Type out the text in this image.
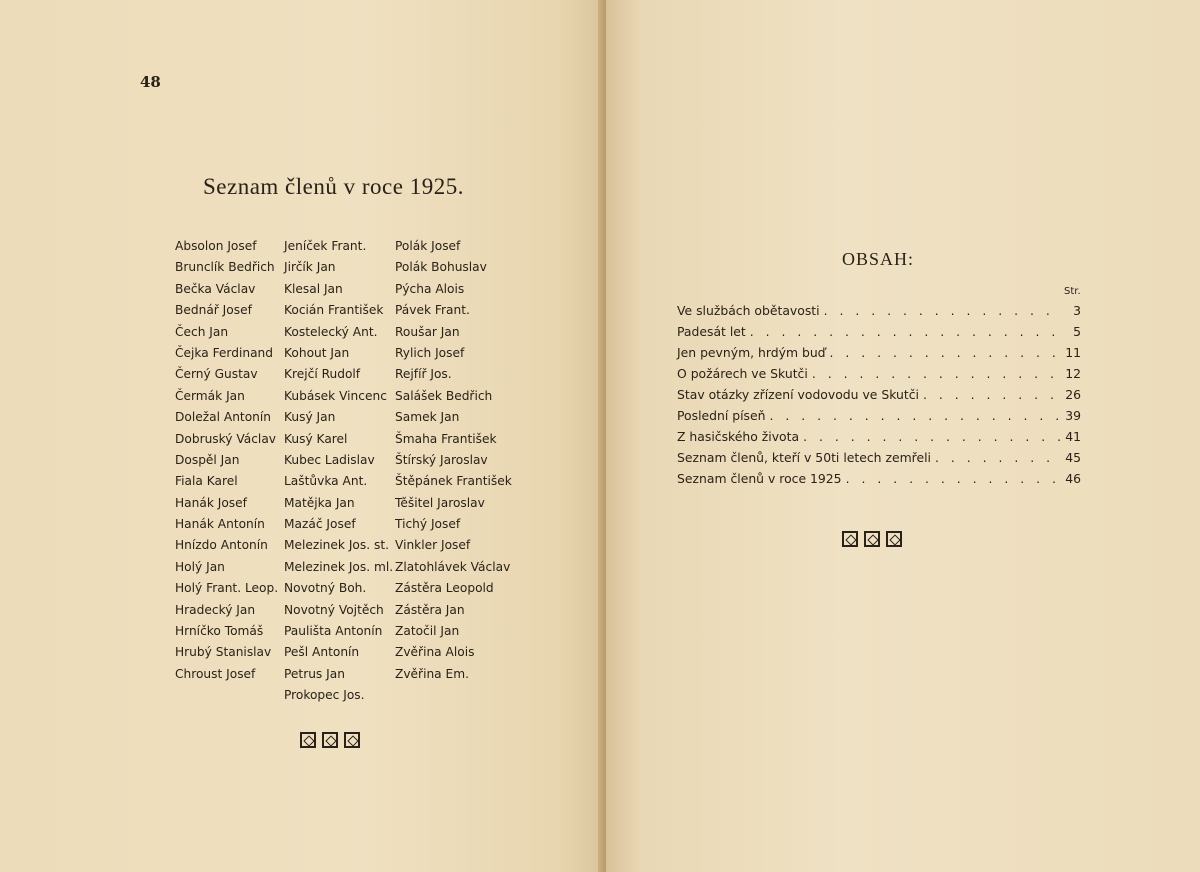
48
Seznam členů v roce 1925.
Absolon Josef
Brunclík Bedřich
Bečka Václav
Bednář Josef
Čech Jan
Čejka Ferdinand
Černý Gustav
Čermák Jan
Doležal Antonín
Dobruský Václav
Dospěl Jan
Fiala Karel
Hanák Josef
Hanák Antonín
Hnízdo Antonín
Holý Jan
Holý Frant. Leop.
Hradecký Jan
Hrníčko Tomáš
Hrubý Stanislav
Chroust Josef
Jeníček Frant.
Jirčík Jan
Klesal Jan
Kocián František
Kostelecký Ant.
Kohout Jan
Krejčí Rudolf
Kubásek Vincenc
Kusý Jan
Kusý Karel
Kubec Ladislav
Laštůvka Ant.
Matějka Jan
Mazáč Josef
Melezinek Jos. st.
Melezinek Jos. ml.
Novotný Boh.
Novotný Vojtěch
Paulišta Antonín
Pešl Antonín
Petrus Jan
Prokopec Jos.
Polák Josef
Polák Bohuslav
Pýcha Alois
Pávek Frant.
Roušar Jan
Rylich Josef
Rejfíř Jos.
Salášek Bedřich
Samek Jan
Šmaha František
Štírský Jaroslav
Štěpánek František
Těšitel Jaroslav
Tichý Josef
Vinkler Josef
Zlatohlávek Václav
Zástěra Leopold
Zástěra Jan
Zatočil Jan
Zvěřina Alois
Zvěřina Em.
OBSAH:
Str.
Ve službách obětavosti . . .	3
Padesát let . . .	5
Jen pevným, hrdým buď . . .	11
O požárech ve Skutči . . .	12
Stav otázky zřízení vodovodu ve Skutči . . .	26
Poslední píseň . . .	39
Z hasičského života . . .	41
Seznam členů, kteří v 50ti letech zemřeli . . .	45
Seznam členů v roce 1925 . . .	46
